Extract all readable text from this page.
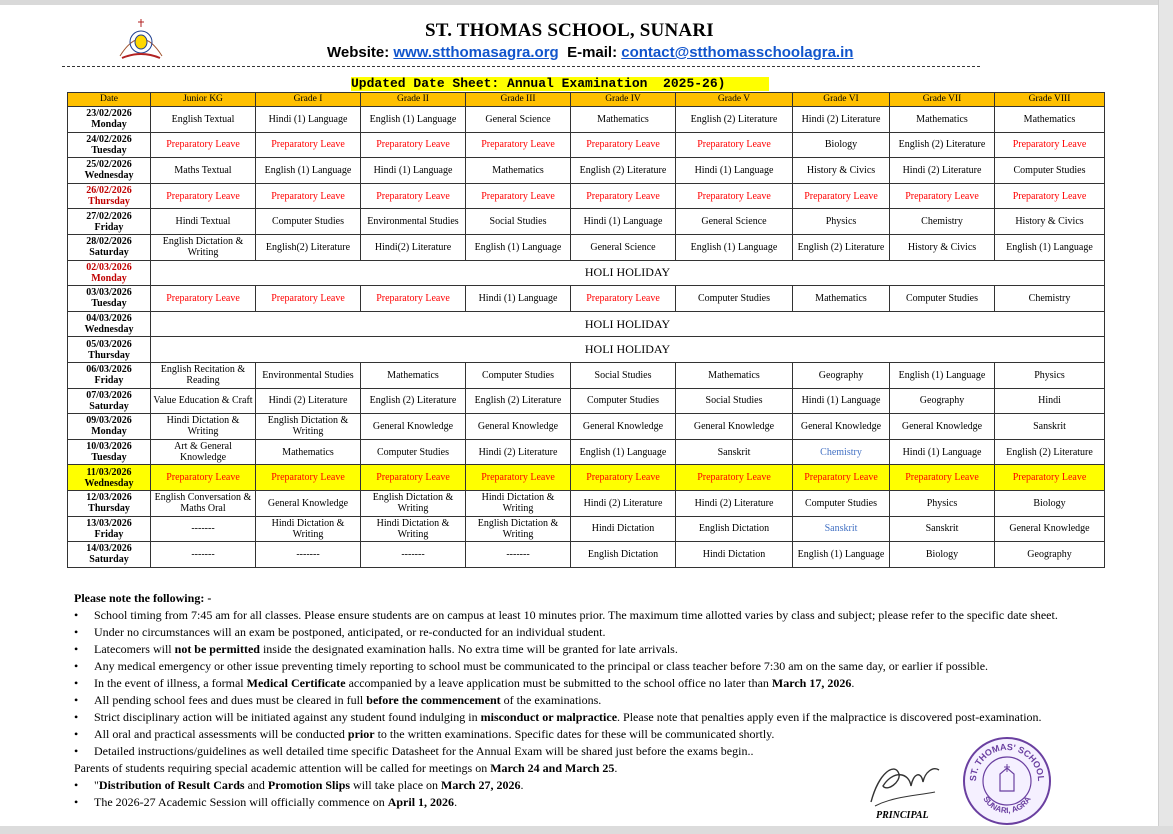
ST. THOMAS SCHOOL, SUNARI
Website: www.stthomasagra.org E-mail: contact@stthomasschoolagra.in
Updated Date Sheet: Annual Examination  2025-26)
Date	Junior KG	Grade I	Grade II	Grade III	Grade IV	Grade V	Grade VI	Grade VII	Grade VIII

23/02/2026
Monday	English Textual	Hindi (1) Language	English (1) Language	General Science	Mathematics	English (2) Literature	Hindi (2) Literature	Mathematics	Mathematics

24/02/2026
Tuesday	Preparatory Leave	Preparatory Leave	Preparatory Leave	Preparatory Leave	Preparatory Leave	Preparatory Leave	Biology	English (2) Literature	Preparatory Leave

25/02/2026
Wednesday	Maths Textual	English (1) Language	Hindi (1) Language	Mathematics	English (2) Literature	Hindi (1) Language	History & Civics	Hindi (2) Literature	Computer Studies

26/02/2026
Thursday	Preparatory Leave	Preparatory Leave	Preparatory Leave	Preparatory Leave	Preparatory Leave	Preparatory Leave	Preparatory Leave	Preparatory Leave	Preparatory Leave

27/02/2026
Friday	Hindi Textual	Computer Studies	Environmental Studies	Social Studies	Hindi (1) Language	General Science	Physics	Chemistry	History & Civics

28/02/2026
Saturday	English Dictation & Writing	English(2) Literature	Hindi(2) Literature	English (1) Language	General Science	English (1) Language	English (2) Literature	History & Civics	English (1) Language

02/03/2026
Monday	HOLI HOLIDAY								

03/03/2026
Tuesday	Preparatory Leave	Preparatory Leave	Preparatory Leave	Hindi (1) Language	Preparatory Leave	Computer Studies	Mathematics	Computer Studies	Chemistry

04/03/2026
Wednesday	HOLI HOLIDAY								

05/03/2026
Thursday	HOLI HOLIDAY								

06/03/2026
Friday	English Recitation & Reading	Environmental Studies	Mathematics	Computer Studies	Social Studies	Mathematics	Geography	English (1) Language	Physics

07/03/2026
Saturday	Value Education & Craft	Hindi (2) Literature	English (2) Literature	English (2) Literature	Computer Studies	Social Studies	Hindi (1) Language	Geography	Hindi

09/03/2026
Monday	Hindi Dictation & Writing	English Dictation & Writing	General Knowledge	General Knowledge	General Knowledge	General Knowledge	General Knowledge	General Knowledge	Sanskrit

10/03/2026
Tuesday	Art & General Knowledge	Mathematics	Computer Studies	Hindi (2) Literature	English (1) Language	Sanskrit	Chemistry	Hindi (1) Language	English (2) Literature

11/03/2026
Wednesday	Preparatory Leave	Preparatory Leave	Preparatory Leave	Preparatory Leave	Preparatory Leave	Preparatory Leave	Preparatory Leave	Preparatory Leave	Preparatory Leave

12/03/2026
Thursday	English Conversation & Maths Oral	General Knowledge	English Dictation & Writing	Hindi Dictation & Writing	Hindi (2) Literature	Hindi (2) Literature	Computer Studies	Physics	Biology

13/03/2026
Friday	-------	Hindi Dictation & Writing	Hindi Dictation & Writing	English Dictation & Writing	Hindi Dictation	English Dictation	Sanskrit	Sanskrit	General Knowledge

14/03/2026
Saturday	-------	-------	-------	-------	English Dictation	Hindi Dictation	English (1) Language	Biology	Geography
Please note the following: -
• School timing from 7:45 am for all classes. Please ensure students are on campus at least 10 minutes prior. The maximum time allotted varies by class and subject; please refer to the specific date sheet.
• Under no circumstances will an exam be postponed, anticipated, or re-conducted for an individual student.
• Latecomers will not be permitted inside the designated examination halls. No extra time will be granted for late arrivals.
• Any medical emergency or other issue preventing timely reporting to school must be communicated to the principal or class teacher before 7:30 am on the same day, or earlier if possible.
• In the event of illness, a formal Medical Certificate accompanied by a leave application must be submitted to the school office no later than March 17, 2026.
• All pending school fees and dues must be cleared in full before the commencement of the examinations.
• Strict disciplinary action will be initiated against any student found indulging in misconduct or malpractice. Please note that penalties apply even if the malpractice is discovered post-examination.
• All oral and practical assessments will be conducted prior to the written examinations. Specific dates for these will be communicated shortly.
• Detailed instructions/guidelines as well detailed time specific Datasheet for the Annual Exam will be shared just before the exams begin..
Parents of students requiring special academic attention will be called for meetings on March 24 and March 25.
• "Distribution of Result Cards and Promotion Slips will take place on March 27, 2026.
• The 2026-27 Academic Session will officially commence on April 1, 2026.
PRINCIPAL
ST. THOMAS' SCHOOL
SUNARI, AGRA
